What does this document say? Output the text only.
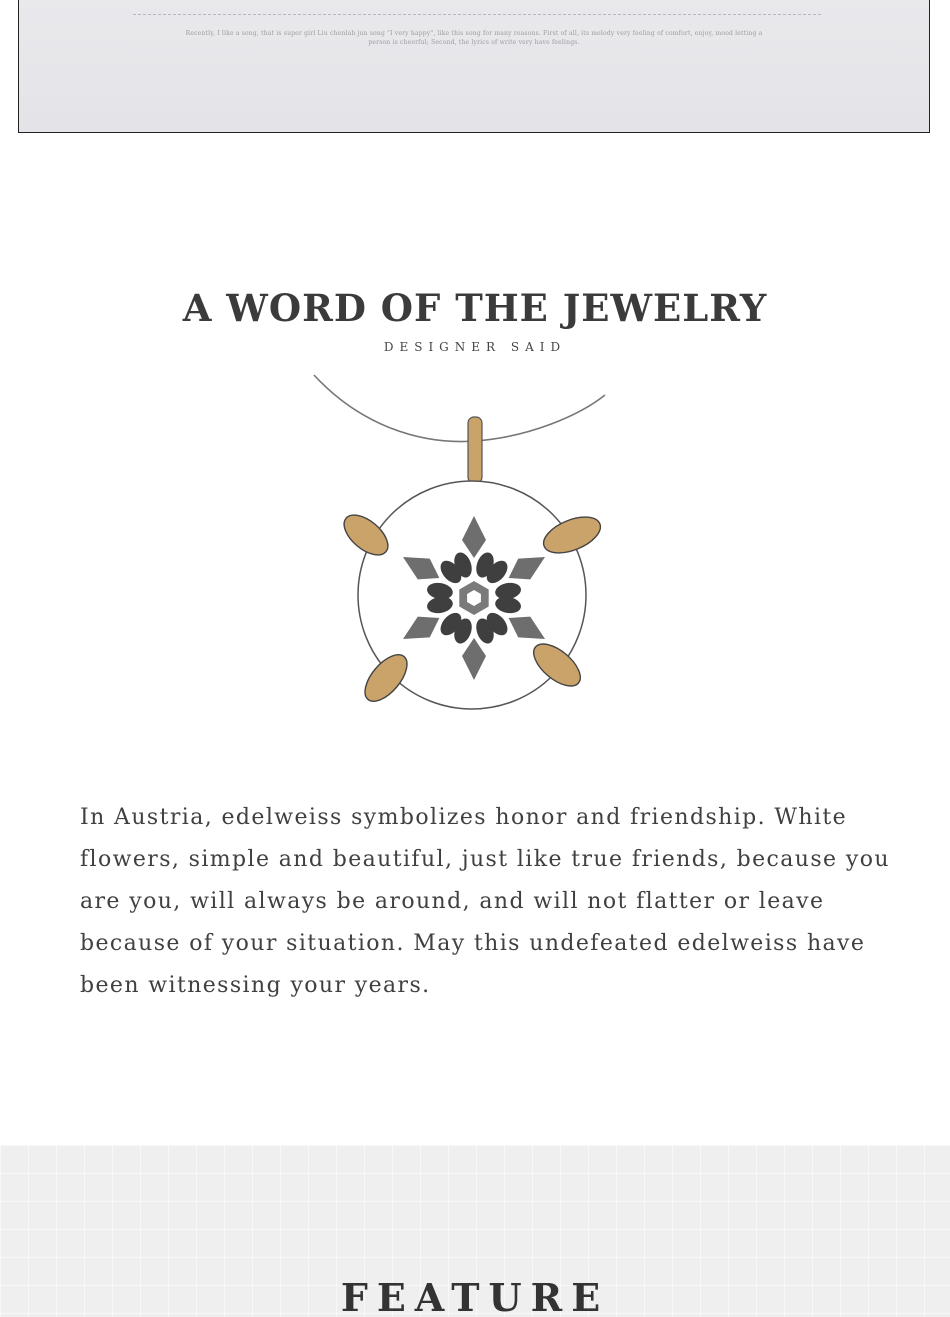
Recently, I like a song, that is super girl Liu chenlah jun song "I very happy", like this song for many reasons. First of all, its melody very feeling of comfort, enjoy, mood letting a person is cheerful; Second, the lyrics of write very have feelings.
A WORD OF THE JEWELRY
DESIGNER SAID
In Austria, edelweiss symbolizes honor and friendship. White flowers, simple and beautiful, just like true friends, because you are you, will always be around, and will not flatter or leave because of your situation. May this undefeated edelweiss have been witnessing your years.
FEATURE
